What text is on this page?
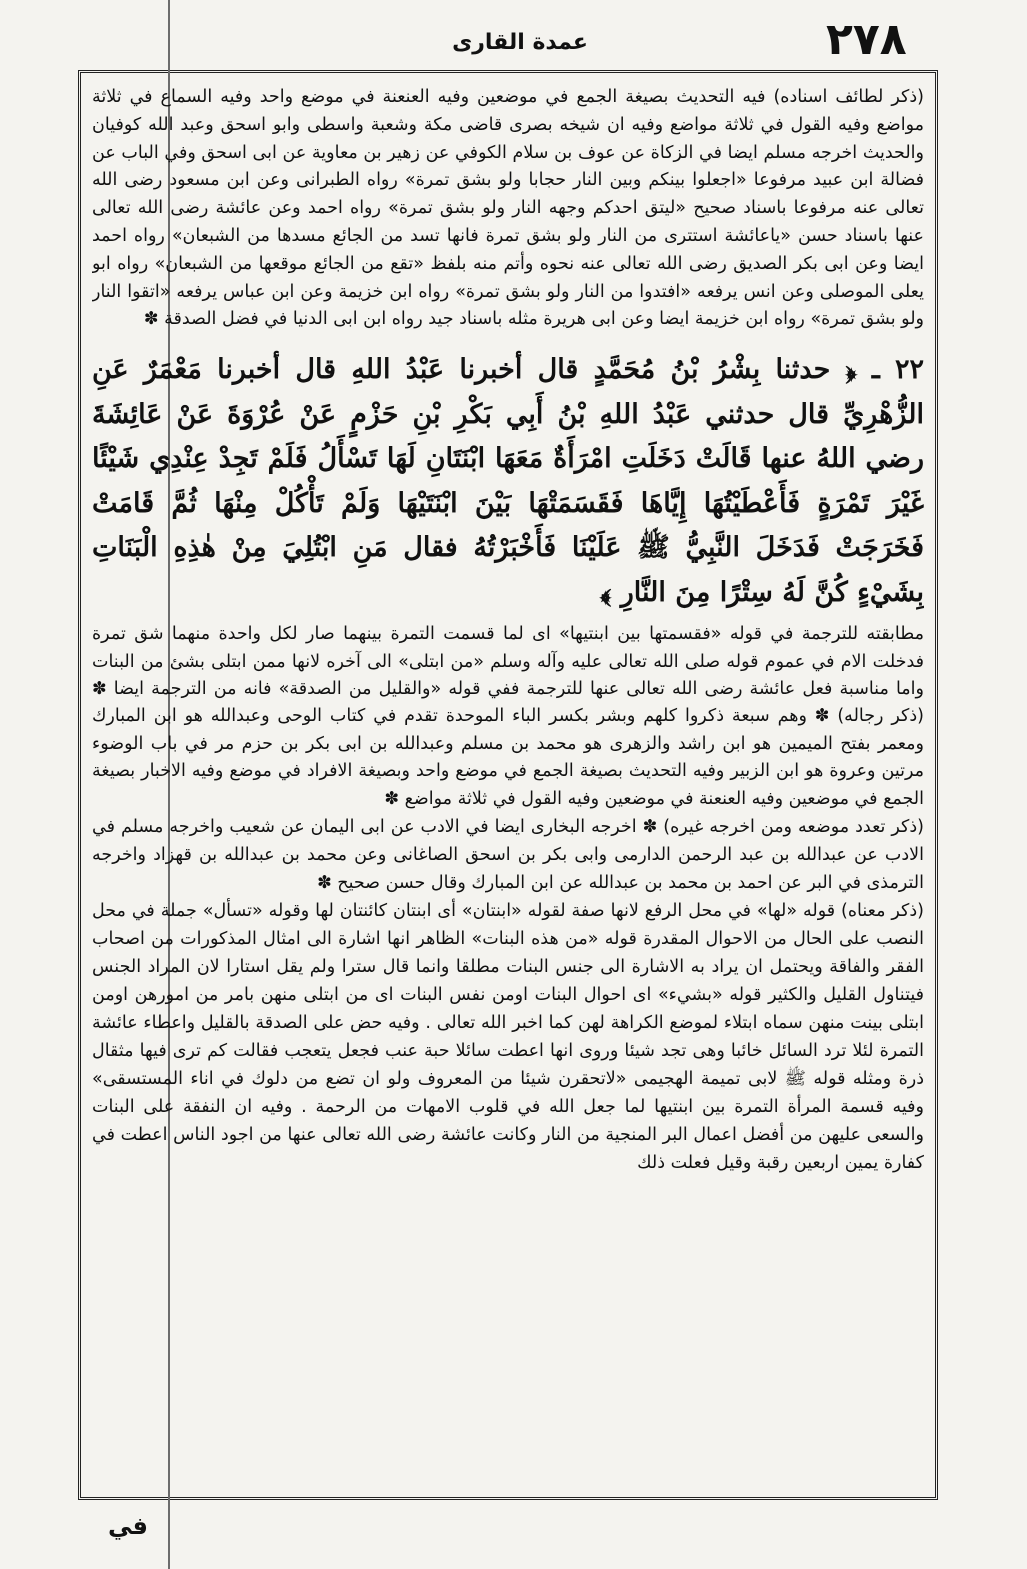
٢٧٨
عمدة القارى

(ذكر لطائف اسناده) فيه التحديث بصيغة الجمع في موضعين وفيه العنعنة في موضع واحد وفيه السماع في ثلاثة مواضع وفيه القول في ثلاثة مواضع وفيه ان شيخه بصرى قاضى مكة وشعبة واسطى وابو اسحق وعبد الله كوفيان والحديث اخرجه مسلم ايضا في الزكاة عن عوف بن سلام الكوفي عن زهير بن معاوية عن ابى اسحق وفي الباب عن فضالة ابن عبيد مرفوعا «اجعلوا بينكم وبين النار حجابا ولو بشق تمرة» رواه الطبرانى وعن ابن مسعود رضى الله تعالى عنه مرفوعا باسناد صحيح «ليتق احدكم وجهه النار ولو بشق تمرة» رواه احمد وعن عائشة رضى الله تعالى عنها باسناد حسن «ياعائشة استترى من النار ولو بشق تمرة فانها تسد من الجائع مسدها من الشبعان» رواه احمد ايضا وعن ابى بكر الصديق رضى الله تعالى عنه نحوه وأتم منه بلفظ «تقع من الجائع موقعها من الشبعان» رواه ابو يعلى الموصلى وعن انس يرفعه «افتدوا من النار ولو بشق تمرة» رواه ابن خزيمة وعن ابن عباس يرفعه «اتقوا النار ولو بشق تمرة» رواه ابن خزيمة ايضا وعن ابى هريرة مثله باسناد جيد رواه ابن ابى الدنيا في فضل الصدقة ✽

٢٢ ـ ﴿ حدثنا بِشْرُ بْنُ مُحَمَّدٍ قال أخبرنا عَبْدُ اللهِ قال أخبرنا مَعْمَرٌ عَنِ الزُّهْرِيِّ قال حدثني عَبْدُ اللهِ بْنُ أَبِي بَكْرِ بْنِ حَزْمٍ عَنْ عُرْوَةَ عَنْ عَائِشَةَ رضي اللهُ عنها قَالَتْ دَخَلَتِ امْرَأَةٌ مَعَهَا ابْنَتَانِ لَهَا تَسْأَلُ فَلَمْ تَجِدْ عِنْدِي شَيْئًا غَيْرَ تَمْرَةٍ فَأَعْطَيْتُهَا إِيَّاهَا فَقَسَمَتْهَا بَيْنَ ابْنَتَيْهَا وَلَمْ تَأْكُلْ مِنْهَا ثُمَّ قَامَتْ فَخَرَجَتْ فَدَخَلَ النَّبِيُّ ﷺ عَلَيْنَا فَأَخْبَرْتُهُ فقال مَنِ ابْتُلِيَ مِنْ هٰذِهِ الْبَنَاتِ بِشَيْءٍ كُنَّ لَهُ سِتْرًا مِنَ النَّارِ ﴾

مطابقته للترجمة في قوله «فقسمتها بين ابنتيها» اى لما قسمت التمرة بينهما صار لكل واحدة منهما شق تمرة فدخلت الام في عموم قوله صلى الله تعالى عليه وآله وسلم «من ابتلى» الى آخره لانها ممن ابتلى بشئ من البنات واما مناسبة فعل عائشة رضى الله تعالى عنها للترجمة ففي قوله «والقليل من الصدقة» فانه من الترجمة ايضا ✽ (ذكر رجاله) ✽ وهم سبعة ذكروا كلهم وبشر بكسر الباء الموحدة تقدم في كتاب الوحى وعبدالله هو ابن المبارك ومعمر بفتح الميمين هو ابن راشد والزهرى هو محمد بن مسلم وعبدالله بن ابى بكر بن حزم مر في باب الوضوء مرتين وعروة هو ابن الزبير وفيه التحديث بصيغة الجمع في موضع واحد وبصيغة الافراد في موضع وفيه الاخبار بصيغة الجمع في موضعين وفيه العنعنة في موضعين وفيه القول في ثلاثة مواضع ✽

(ذكر تعدد موضعه ومن اخرجه غيره) ✽ اخرجه البخارى ايضا في الادب عن ابى اليمان عن شعيب واخرجه مسلم في الادب عن عبدالله بن عبد الرحمن الدارمى وابى بكر بن اسحق الصاغانى وعن محمد بن عبدالله بن قهزاد واخرجه الترمذى في البر عن احمد بن محمد بن عبدالله عن ابن المبارك وقال حسن صحيح ✽

(ذكر معناه) قوله «لها» في محل الرفع لانها صفة لقوله «ابنتان» أى ابنتان كائنتان لها وقوله «تسأل» جملة في محل النصب على الحال من الاحوال المقدرة قوله «من هذه البنات» الظاهر انها اشارة الى امثال المذكورات من اصحاب الفقر والفاقة ويحتمل ان يراد به الاشارة الى جنس البنات مطلقا وانما قال سترا ولم يقل استارا لان المراد الجنس فيتناول القليل والكثير قوله «بشيء» اى احوال البنات اومن نفس البنات اى من ابتلى منهن بامر من امورهن اومن ابتلى بينت منهن سماه ابتلاء لموضع الكراهة لهن كما اخبر الله تعالى . وفيه حض على الصدقة بالقليل واعطاء عائشة التمرة لئلا ترد السائل خائبا وهى تجد شيئا وروى انها اعطت سائلا حبة عنب فجعل يتعجب فقالت كم ترى فيها مثقال ذرة ومثله قوله ﷺ لابى تميمة الهجيمى «لاتحقرن شيئا من المعروف ولو ان تضع من دلوك في اناء المستسقى» وفيه قسمة المرأة التمرة بين ابنتيها لما جعل الله في قلوب الامهات من الرحمة . وفيه ان النفقة على البنات والسعى عليهن من أفضل اعمال البر المنجية من النار وكانت عائشة رضى الله تعالى عنها من اجود الناس اعطت في كفارة يمين اربعين رقبة وقيل فعلت ذلك

في
